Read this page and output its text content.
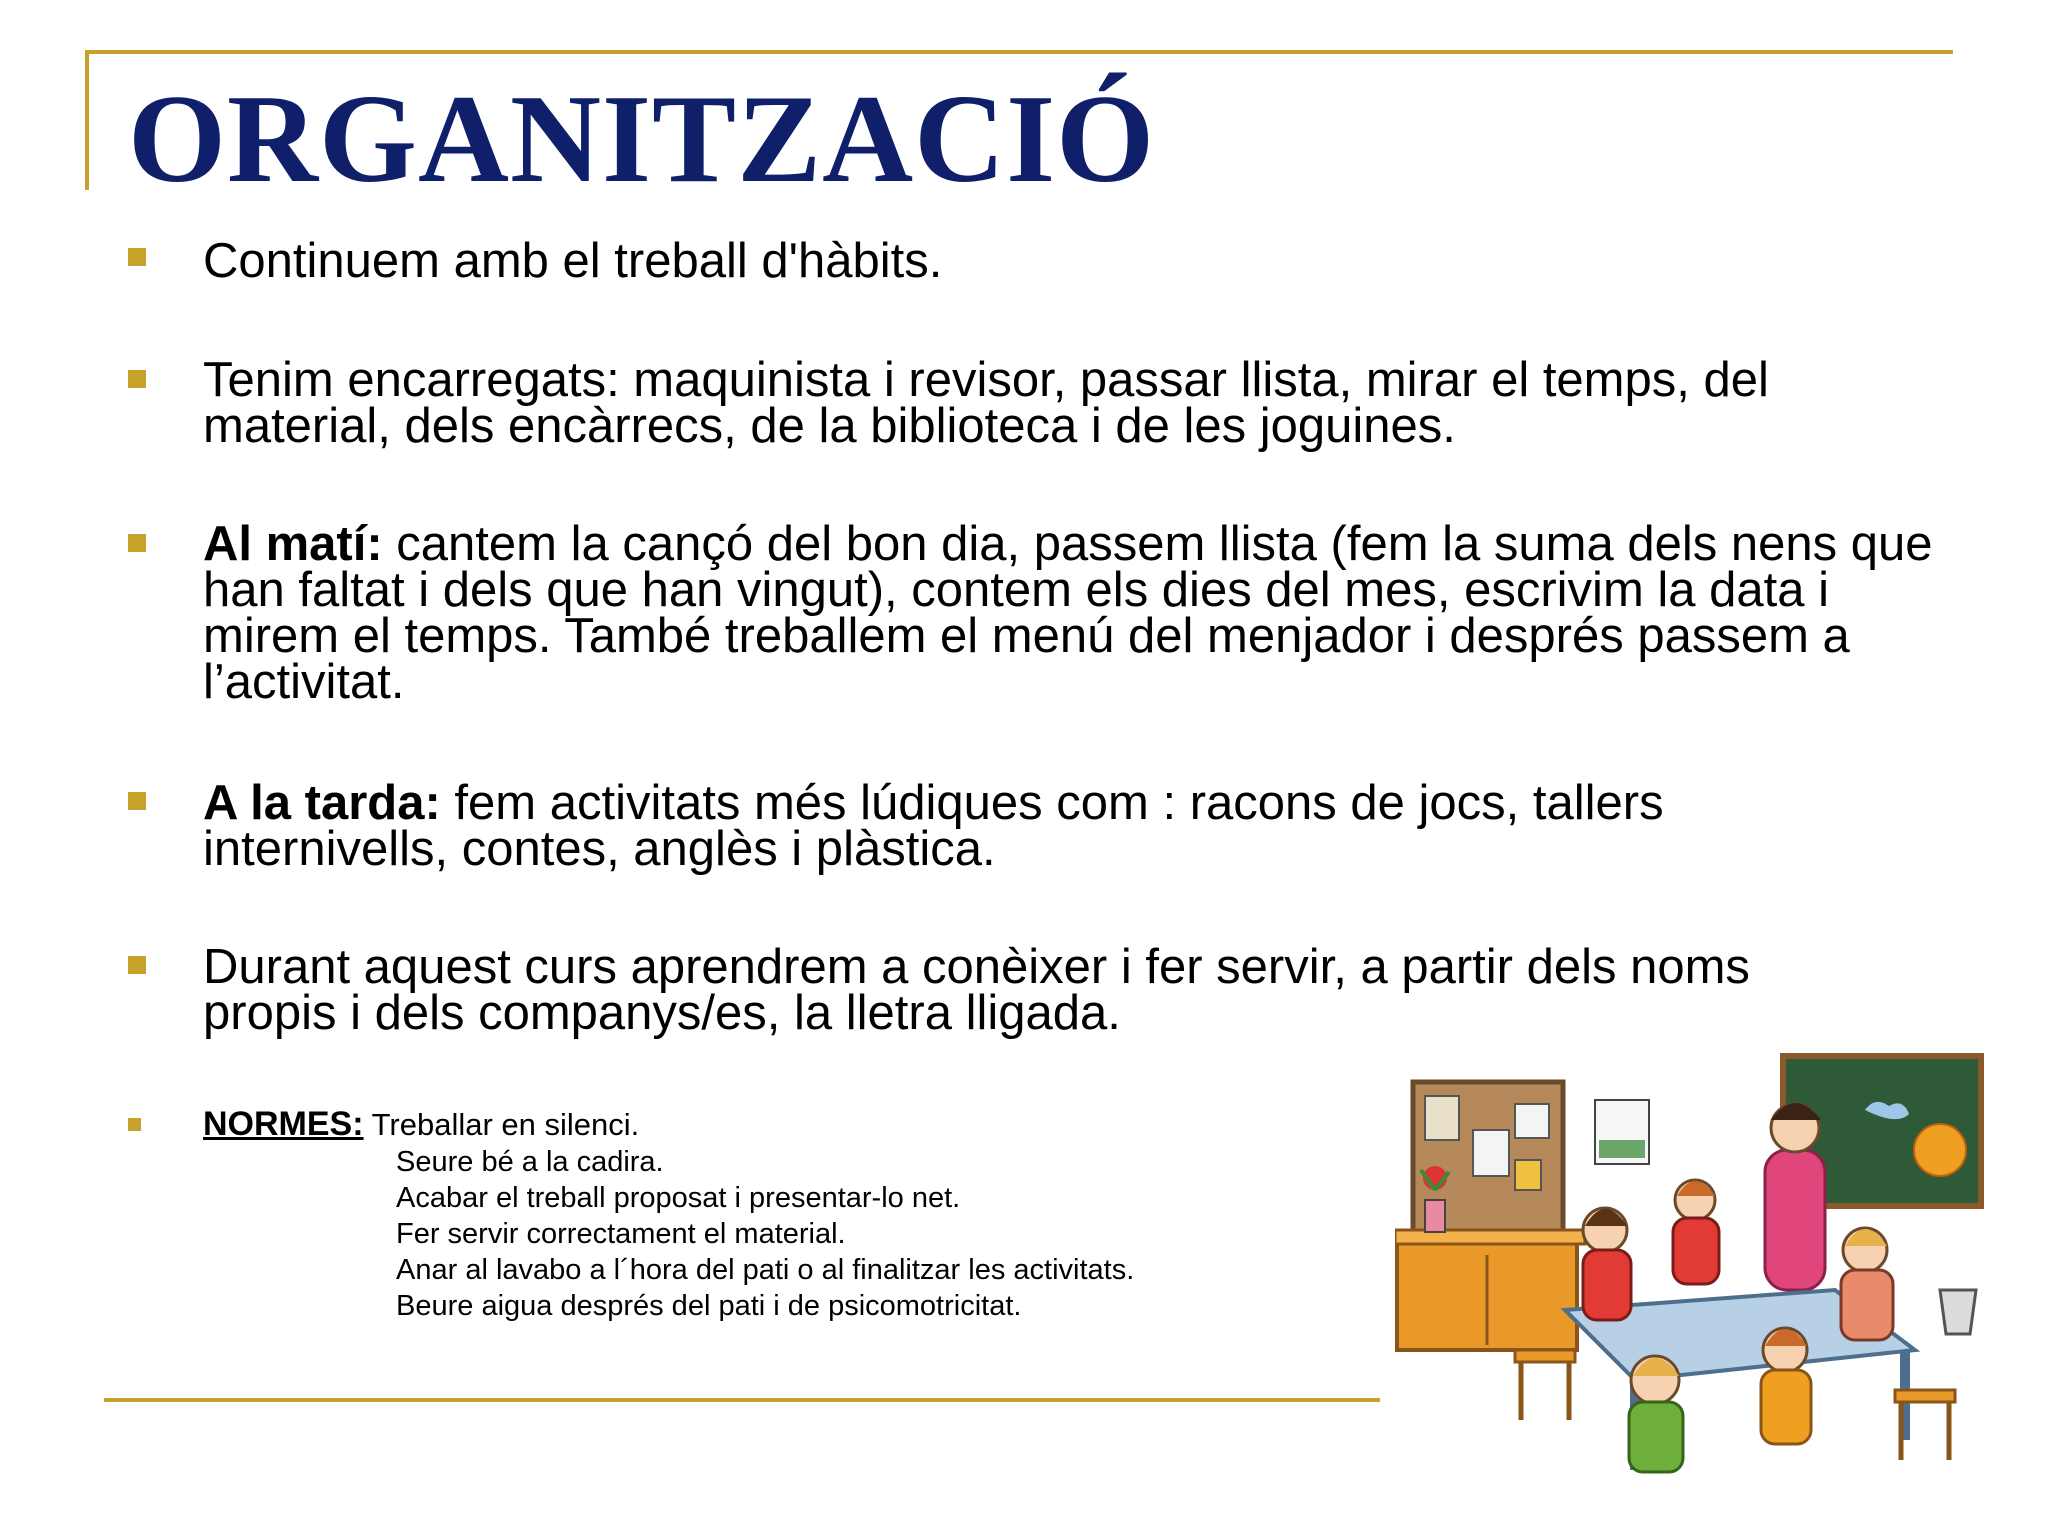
ORGANITZACIÓ
Continuem amb el treball d'hàbits.
Tenim encarregats: maquinista i revisor, passar llista, mirar el temps, del material, dels encàrrecs, de la biblioteca i de les joguines.
Al matí: cantem la cançó del bon dia, passem llista (fem la suma dels nens que han faltat i dels que han vingut), contem els dies del mes, escrivim la data i mirem el temps. També treballem el menú del menjador i després passem a l’activitat.
A la tarda: fem activitats més lúdiques com : racons de jocs, tallers internivells, contes, anglès i plàstica.
Durant aquest curs aprendrem a conèixer i fer servir, a partir dels noms propis i dels companys/es, la lletra lligada.
NORMES: Treballar en silenci.
Seure bé a la cadira.
Acabar el treball proposat i presentar-lo net.
Fer servir correctament el material.
Anar al lavabo a l´hora del pati o al finalitzar les activitats.
Beure aigua després del pati i de psicomotricitat.
